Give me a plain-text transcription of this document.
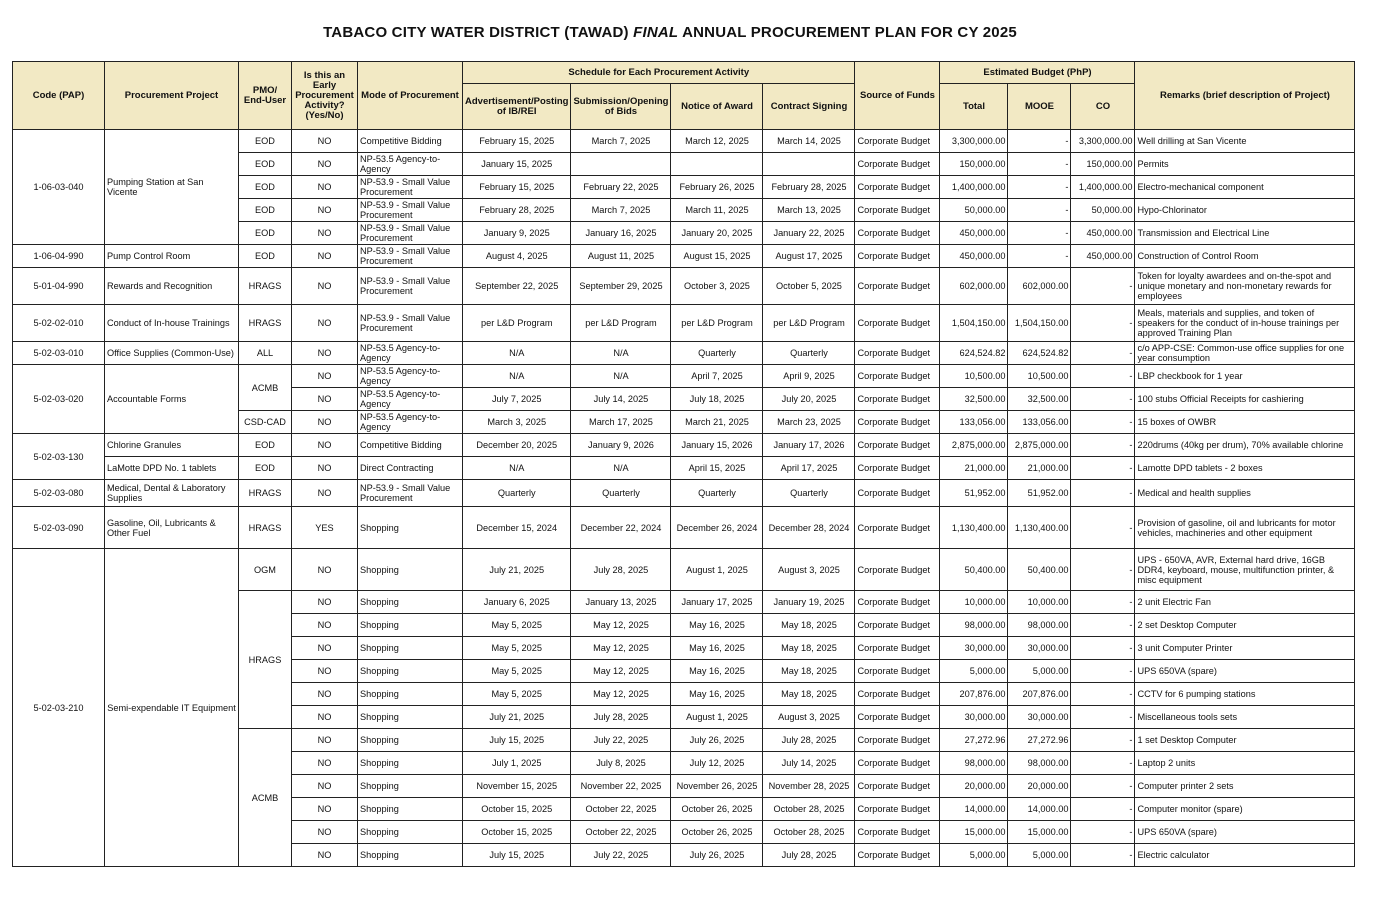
TABACO CITY WATER DISTRICT (TAWAD) FINAL ANNUAL PROCUREMENT PLAN FOR CY 2025
Code (PAP)	Procurement Project	PMO/ End-User	Is this an Early Procurement Activity? (Yes/No)	Mode of Procurement	Schedule for Each Procurement Activity				Source of Funds	Estimated Budget (PhP)			Remarks (brief description of Project)
					Advertisement/Posting of IB/REI	Submission/Opening of Bids	Notice of Award	Contract Signing		Total	MOOE	CO	
1-06-03-040	Pumping Station at San Vicente	EOD	NO	Competitive Bidding	February 15, 2025	March 7, 2025	March 12, 2025	March 14, 2025	Corporate Budget	3,300,000.00	-	3,300,000.00	Well drilling at San Vicente
		EOD	NO	NP-53.5 Agency-to-Agency	January 15, 2025				Corporate Budget	150,000.00	-	150,000.00	Permits
		EOD	NO	NP-53.9 - Small Value Procurement	February 15, 2025	February 22, 2025	February 26, 2025	February 28, 2025	Corporate Budget	1,400,000.00	-	1,400,000.00	Electro-mechanical component
		EOD	NO	NP-53.9 - Small Value Procurement	February 28, 2025	March 7, 2025	March 11, 2025	March 13, 2025	Corporate Budget	50,000.00	-	50,000.00	Hypo-Chlorinator
		EOD	NO	NP-53.9 - Small Value Procurement	January 9, 2025	January 16, 2025	January 20, 2025	January 22, 2025	Corporate Budget	450,000.00	-	450,000.00	Transmission and Electrical Line
1-06-04-990	Pump Control Room	EOD	NO	NP-53.9 - Small Value Procurement	August 4, 2025	August 11, 2025	August 15, 2025	August 17, 2025	Corporate Budget	450,000.00	-	450,000.00	Construction of Control Room
5-01-04-990	Rewards and Recognition	HRAGS	NO	NP-53.9 - Small Value Procurement	September 22, 2025	September 29, 2025	October 3, 2025	October 5, 2025	Corporate Budget	602,000.00	602,000.00	-	Token for loyalty awardees and on-the-spot and unique monetary and non-monetary rewards for employees
5-02-02-010	Conduct of In-house Trainings	HRAGS	NO	NP-53.9 - Small Value Procurement	per L&D Program	per L&D Program	per L&D Program	per L&D Program	Corporate Budget	1,504,150.00	1,504,150.00	-	Meals, materials and supplies, and token of speakers for the conduct of in-house trainings per approved Training Plan
5-02-03-010	Office Supplies (Common-Use)	ALL	NO	NP-53.5 Agency-to-Agency	N/A	N/A	Quarterly	Quarterly	Corporate Budget	624,524.82	624,524.82	-	c/o APP-CSE: Common-use office supplies for one year consumption
5-02-03-020	Accountable Forms	ACMB	NO	NP-53.5 Agency-to-Agency	N/A	N/A	April 7, 2025	April 9, 2025	Corporate Budget	10,500.00	10,500.00	-	LBP checkbook for 1 year
			NO	NP-53.5 Agency-to-Agency	July 7, 2025	July 14, 2025	July 18, 2025	July 20, 2025	Corporate Budget	32,500.00	32,500.00	-	100 stubs Official Receipts for cashiering
		CSD-CAD	NO	NP-53.5 Agency-to-Agency	March 3, 2025	March 17, 2025	March 21, 2025	March 23, 2025	Corporate Budget	133,056.00	133,056.00	-	15 boxes of OWBR
5-02-03-130	Chlorine Granules	EOD	NO	Competitive Bidding	December 20, 2025	January 9, 2026	January 15, 2026	January 17, 2026	Corporate Budget	2,875,000.00	2,875,000.00	-	220drums (40kg per drum), 70% available chlorine
	LaMotte DPD No. 1 tablets	EOD	NO	Direct Contracting	N/A	N/A	April 15, 2025	April 17, 2025	Corporate Budget	21,000.00	21,000.00	-	Lamotte DPD tablets - 2 boxes
5-02-03-080	Medical, Dental & Laboratory Supplies	HRAGS	NO	NP-53.9 - Small Value Procurement	Quarterly	Quarterly	Quarterly	Quarterly	Corporate Budget	51,952.00	51,952.00	-	Medical and health supplies
5-02-03-090	Gasoline, Oil, Lubricants & Other Fuel	HRAGS	YES	Shopping	December 15, 2024	December 22, 2024	December 26, 2024	December 28, 2024	Corporate Budget	1,130,400.00	1,130,400.00	-	Provision of gasoline, oil and lubricants for motor vehicles, machineries and other equipment
5-02-03-210	Semi-expendable IT Equipment	OGM	NO	Shopping	July 21, 2025	July 28, 2025	August 1, 2025	August 3, 2025	Corporate Budget	50,400.00	50,400.00	-	UPS - 650VA, AVR, External hard drive, 16GB DDR4, keyboard, mouse, multifunction printer, & misc equipment
		HRAGS	NO	Shopping	January 6, 2025	January 13, 2025	January 17, 2025	January 19, 2025	Corporate Budget	10,000.00	10,000.00	-	2 unit Electric Fan
			NO	Shopping	May 5, 2025	May 12, 2025	May 16, 2025	May 18, 2025	Corporate Budget	98,000.00	98,000.00	-	2 set Desktop Computer
			NO	Shopping	May 5, 2025	May 12, 2025	May 16, 2025	May 18, 2025	Corporate Budget	30,000.00	30,000.00	-	3 unit Computer Printer
			NO	Shopping	May 5, 2025	May 12, 2025	May 16, 2025	May 18, 2025	Corporate Budget	5,000.00	5,000.00	-	UPS 650VA (spare)
			NO	Shopping	May 5, 2025	May 12, 2025	May 16, 2025	May 18, 2025	Corporate Budget	207,876.00	207,876.00	-	CCTV for 6 pumping stations
			NO	Shopping	July 21, 2025	July 28, 2025	August 1, 2025	August 3, 2025	Corporate Budget	30,000.00	30,000.00	-	Miscellaneous tools sets
		ACMB	NO	Shopping	July 15, 2025	July 22, 2025	July 26, 2025	July 28, 2025	Corporate Budget	27,272.96	27,272.96	-	1 set Desktop Computer
			NO	Shopping	July 1, 2025	July 8, 2025	July 12, 2025	July 14, 2025	Corporate Budget	98,000.00	98,000.00	-	Laptop 2 units
			NO	Shopping	November 15, 2025	November 22, 2025	November 26, 2025	November 28, 2025	Corporate Budget	20,000.00	20,000.00	-	Computer printer 2 sets
			NO	Shopping	October 15, 2025	October 22, 2025	October 26, 2025	October 28, 2025	Corporate Budget	14,000.00	14,000.00	-	Computer monitor (spare)
			NO	Shopping	October 15, 2025	October 22, 2025	October 26, 2025	October 28, 2025	Corporate Budget	15,000.00	15,000.00	-	UPS 650VA (spare)
			NO	Shopping	July 15, 2025	July 22, 2025	July 26, 2025	July 28, 2025	Corporate Budget	5,000.00	5,000.00	-	Electric calculator
